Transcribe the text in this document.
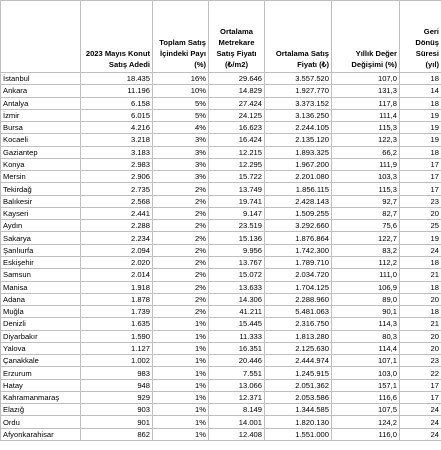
	2023 Mayıs Konut Satış Adedi	Toplam Satış İçindeki Payı (%)	Ortalama Metrekare Satış Fiyatı (₺/m2)	Ortalama Satış Fiyatı (₺)	Yıllık Değer Değişimi (%)	Geri Dönüş Süresi (yıl)
İstanbul	18.435	16%	29.646	3.557.520	107,0	18
Ankara	11.196	10%	14.829	1.927.770	131,3	14
Antalya	6.158	5%	27.424	3.373.152	117,8	18
İzmir	6.015	5%	24.125	3.136.250	111,4	19
Bursa	4.216	4%	16.623	2.244.105	115,3	19
Kocaeli	3.218	3%	16.424	2.135.120	122,3	19
Gaziantep	3.183	3%	12.215	1.893.325	66,2	18
Konya	2.983	3%	12.295	1.967.200	111,9	17
Mersin	2.906	3%	15.722	2.201.080	103,3	17
Tekirdağ	2.735	2%	13.749	1.856.115	115,3	17
Balıkesir	2.568	2%	19.741	2.428.143	92,7	23
Kayseri	2.441	2%	9.147	1.509.255	82,7	20
Aydın	2.288	2%	23.519	3.292.660	75,6	25
Sakarya	2.234	2%	15.136	1.876.864	122,7	19
Şanlıurfa	2.094	2%	9.956	1.742.300	83,2	24
Eskişehir	2.020	2%	13.767	1.789.710	112,2	18
Samsun	2.014	2%	15.072	2.034.720	111,0	21
Manisa	1.918	2%	13.633	1.704.125	106,9	18
Adana	1.878	2%	14.306	2.288.960	89,0	20
Muğla	1.739	2%	41.211	5.481.063	90,1	18
Denizli	1.635	1%	15.445	2.316.750	114,3	21
Diyarbakır	1.590	1%	11.333	1.813.280	80,3	20
Yalova	1.127	1%	16.351	2.125.630	114,4	20
Çanakkale	1.002	1%	20.446	2.444.974	107,1	23
Erzurum	983	1%	7.551	1.245.915	103,0	22
Hatay	948	1%	13.066	2.051.362	157,1	17
Kahramanmaraş	929	1%	12.371	2.053.586	116,6	17
Elazığ	903	1%	8.149	1.344.585	107,5	24
Ordu	901	1%	14.001	1.820.130	124,2	24
Afyonkarahisar	862	1%	12.408	1.551.000	116,0	24
